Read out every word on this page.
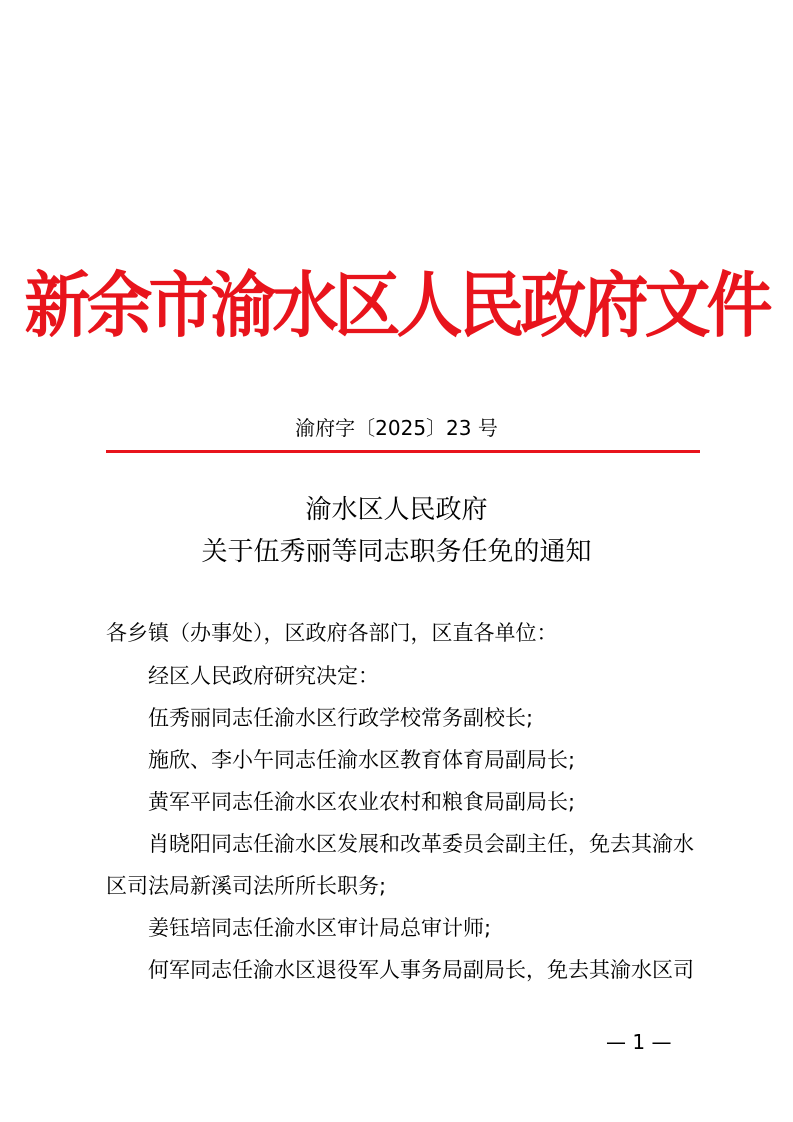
新余市渝水区人民政府文件
渝府字〔2025〕23 号
渝水区人民政府
关于伍秀丽等同志职务任免的通知
各乡镇（办事处），区政府各部门，区直各单位：

经区人民政府研究决定：

伍秀丽同志任渝水区行政学校常务副校长;

施欣、李小午同志任渝水区教育体育局副局长;

黄军平同志任渝水区农业农村和粮食局副局长;

肖晓阳同志任渝水区发展和改革委员会副主任，免去其渝水区司法局新溪司法所所长职务;

姜钰培同志任渝水区审计局总审计师;

何军同志任渝水区退役军人事务局副局长，免去其渝水区司

— 1 —
